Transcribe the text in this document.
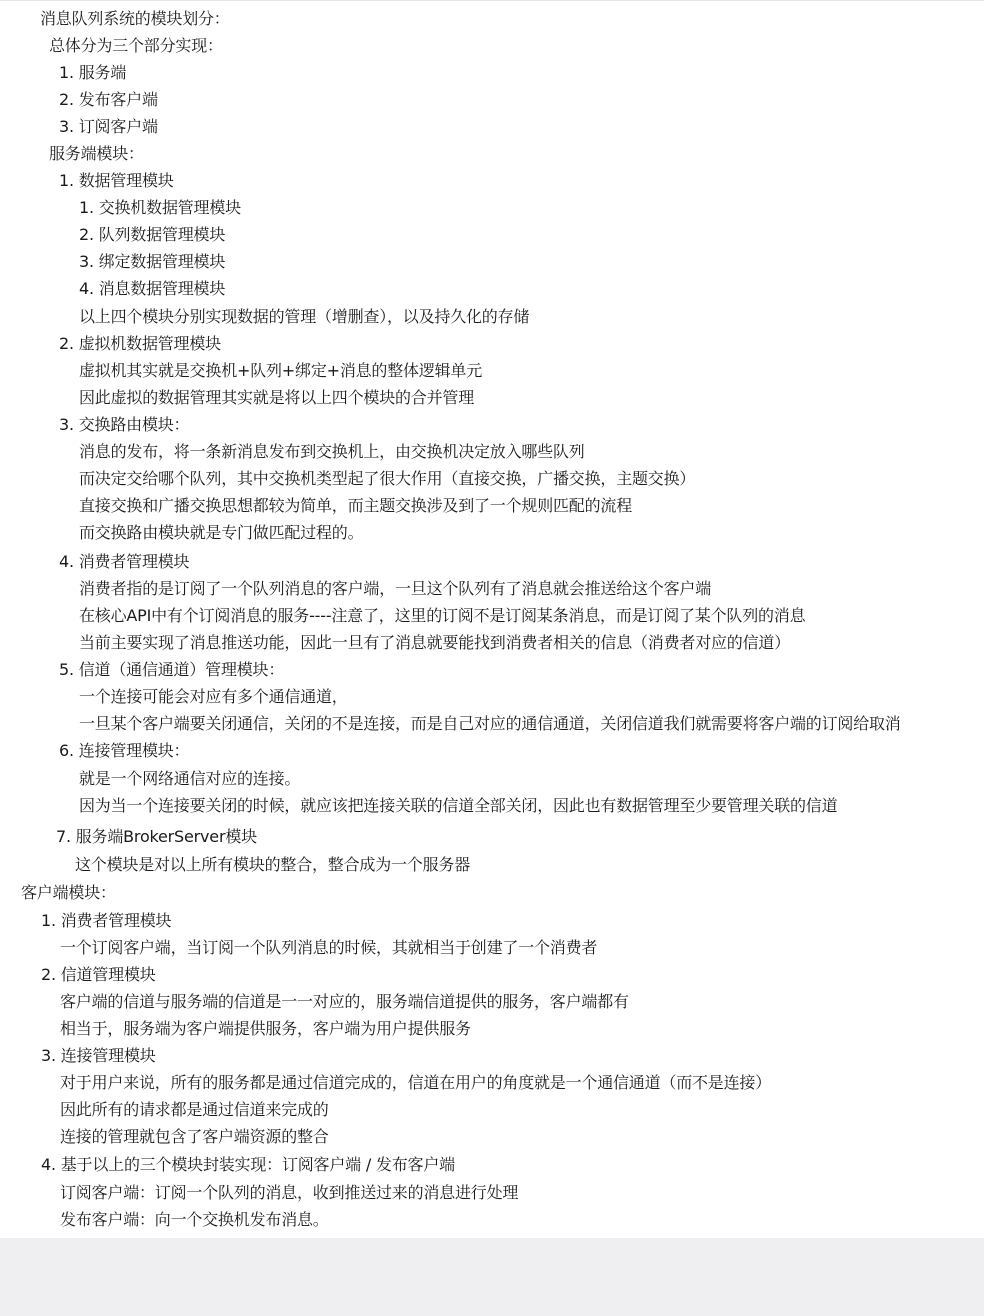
消息队列系统的模块划分：
总体分为三个部分实现：
1. 服务端
2. 发布客户端
3. 订阅客户端
服务端模块：
1. 数据管理模块
1. 交换机数据管理模块
2. 队列数据管理模块
3. 绑定数据管理模块
4. 消息数据管理模块
以上四个模块分别实现数据的管理（增删查），以及持久化的存储
2. 虚拟机数据管理模块
虚拟机其实就是交换机+队列+绑定+消息的整体逻辑单元
因此虚拟的数据管理其实就是将以上四个模块的合并管理
3. 交换路由模块：
消息的发布，将一条新消息发布到交换机上，由交换机决定放入哪些队列
而决定交给哪个队列，其中交换机类型起了很大作用（直接交换，广播交换，主题交换）
直接交换和广播交换思想都较为简单，而主题交换涉及到了一个规则匹配的流程
而交换路由模块就是专门做匹配过程的。
4. 消费者管理模块
消费者指的是订阅了一个队列消息的客户端，一旦这个队列有了消息就会推送给这个客户端
在核心API中有个订阅消息的服务----注意了，这里的订阅不是订阅某条消息，而是订阅了某个队列的消息
当前主要实现了消息推送功能，因此一旦有了消息就要能找到消费者相关的信息（消费者对应的信道）
5. 信道（通信通道）管理模块：
一个连接可能会对应有多个通信通道，
一旦某个客户端要关闭通信，关闭的不是连接，而是自己对应的通信通道，关闭信道我们就需要将客户端的订阅给取消
6. 连接管理模块：
就是一个网络通信对应的连接。
因为当一个连接要关闭的时候，就应该把连接关联的信道全部关闭，因此也有数据管理至少要管理关联的信道
7. 服务端BrokerServer模块
这个模块是对以上所有模块的整合，整合成为一个服务器
客户端模块：
1. 消费者管理模块
一个订阅客户端，当订阅一个队列消息的时候，其就相当于创建了一个消费者
2. 信道管理模块
客户端的信道与服务端的信道是一一对应的，服务端信道提供的服务，客户端都有
相当于，服务端为客户端提供服务，客户端为用户提供服务
3. 连接管理模块
对于用户来说，所有的服务都是通过信道完成的，信道在用户的角度就是一个通信通道（而不是连接）
因此所有的请求都是通过信道来完成的
连接的管理就包含了客户端资源的整合
4. 基于以上的三个模块封装实现：订阅客户端 / 发布客户端
订阅客户端：订阅一个队列的消息，收到推送过来的消息进行处理
发布客户端：向一个交换机发布消息。
